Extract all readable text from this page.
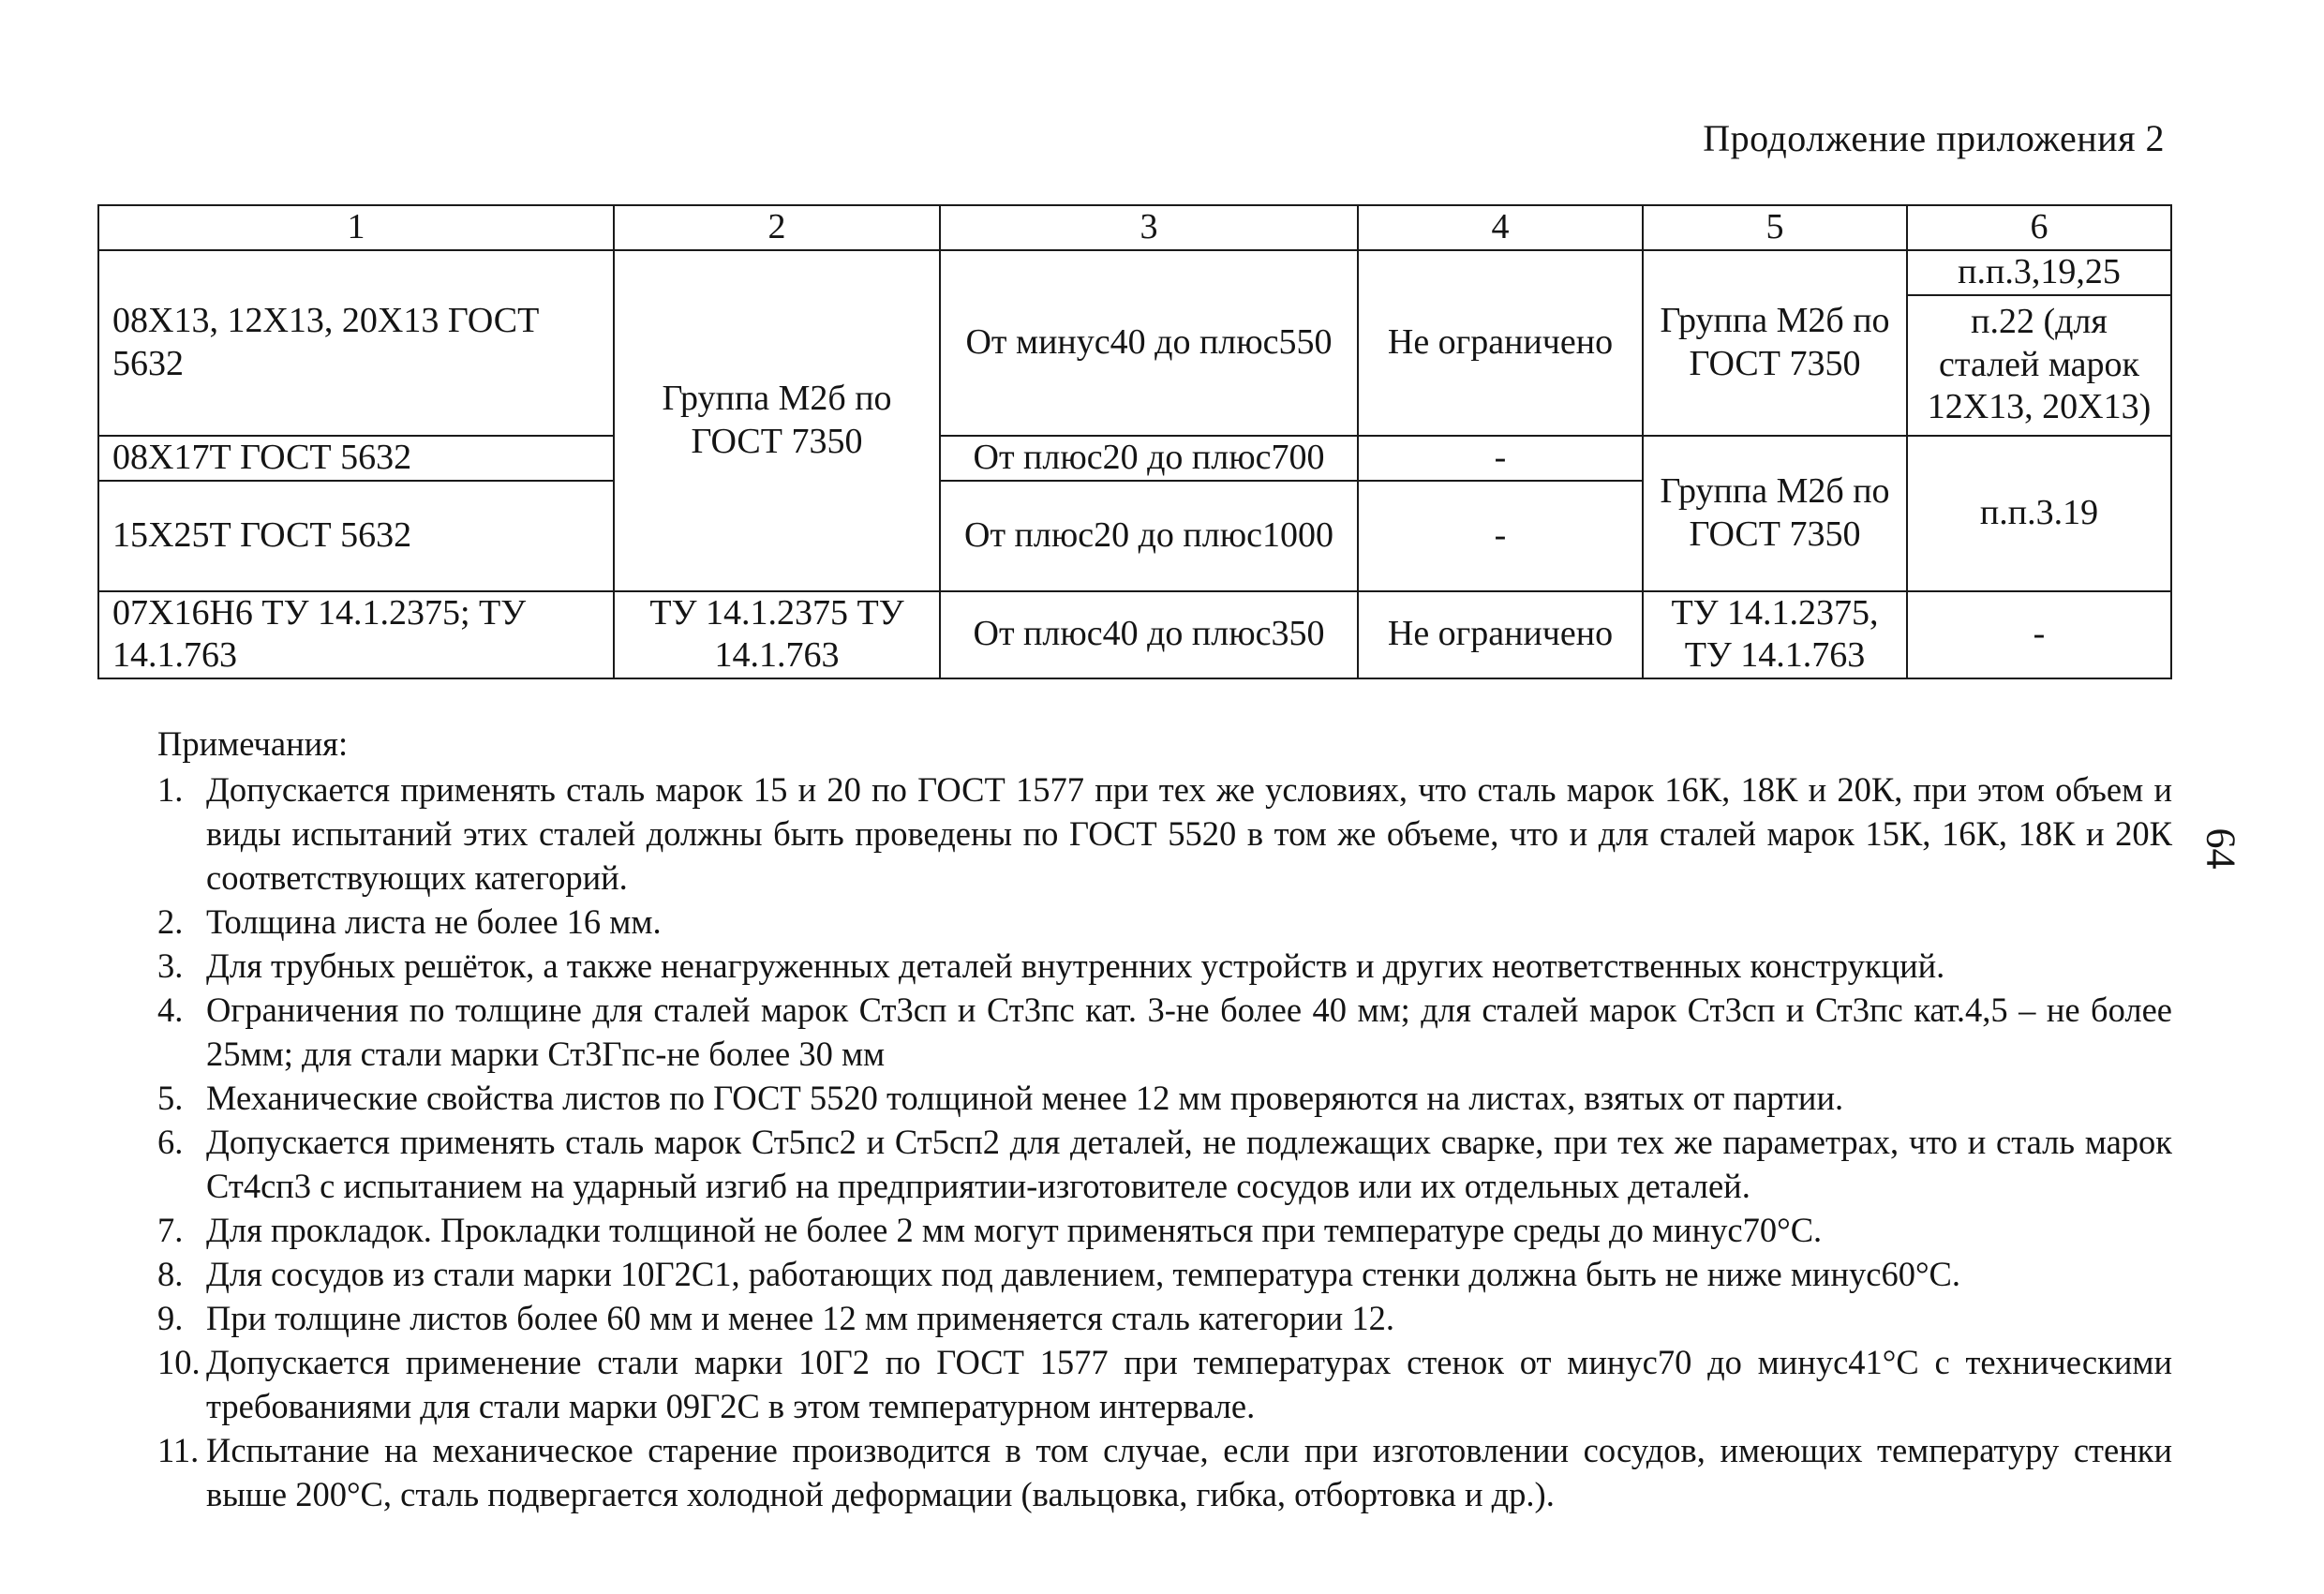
Продолжение приложения 2
1	2	3	4	5	6
08Х13, 12Х13, 20Х13 ГОСТ 5632	Группа М2б по ГОСТ 7350	От минус40 до плюс550	Не ограничено	Группа М2б по ГОСТ 7350	п.п.3,19,25
					п.22 (для сталей марок 12Х13, 20Х13)
08Х17Т ГОСТ 5632		От плюс20 до плюс700	-	Группа М2б по ГОСТ 7350	п.п.3.19
15Х25Т ГОСТ 5632		От плюс20 до плюс1000	-		
07Х16Н6 ТУ 14.1.2375; ТУ 14.1.763	ТУ 14.1.2375 ТУ 14.1.763	От плюс40 до плюс350	Не ограничено	ТУ 14.1.2375, ТУ 14.1.763	-
Примечания:
1. Допускается применять сталь марок 15 и 20 по ГОСТ 1577 при тех же условиях, что сталь марок 16К, 18К и 20К, при этом объем и виды испытаний этих сталей должны быть проведены по ГОСТ 5520 в том же объеме, что и для сталей марок 15К, 16К, 18К и 20К соответствующих категорий.
2. Толщина листа не более 16 мм.
3. Для трубных решёток, а также ненагруженных деталей внутренних устройств и других неответственных конструкций.
4. Ограничения по толщине для сталей марок Ст3сп и Ст3пс кат. 3-не более 40 мм; для сталей марок Ст3сп и Ст3пс кат.4,5 – не более 25мм; для стали марки Ст3Гпс-не более 30 мм
5. Механические свойства листов по ГОСТ 5520 толщиной менее 12 мм проверяются на листах, взятых от партии.
6. Допускается применять сталь марок Ст5пс2 и Ст5сп2 для деталей, не подлежащих сварке, при тех же параметрах, что и сталь марок Ст4сп3 с испытанием на ударный изгиб на предприятии-изготовителе сосудов или их отдельных деталей.
7. Для прокладок. Прокладки толщиной не более 2 мм могут применяться при температуре среды до минус70°С.
8. Для сосудов из стали марки 10Г2С1, работающих под давлением, температура стенки должна быть не ниже минус60°С.
9. При толщине листов более 60 мм и менее 12 мм применяется сталь категории 12.
10. Допускается применение стали марки 10Г2 по ГОСТ 1577 при температурах стенок от минус70 до минус41°С с техническими требованиями для стали марки 09Г2С в этом температурном интервале.
11. Испытание на механическое старение производится в том случае, если при изготовлении сосудов, имеющих температуру стенки выше 200°С, сталь подвергается холодной деформации (вальцовка, гибка, отбортовка и др.).
64
